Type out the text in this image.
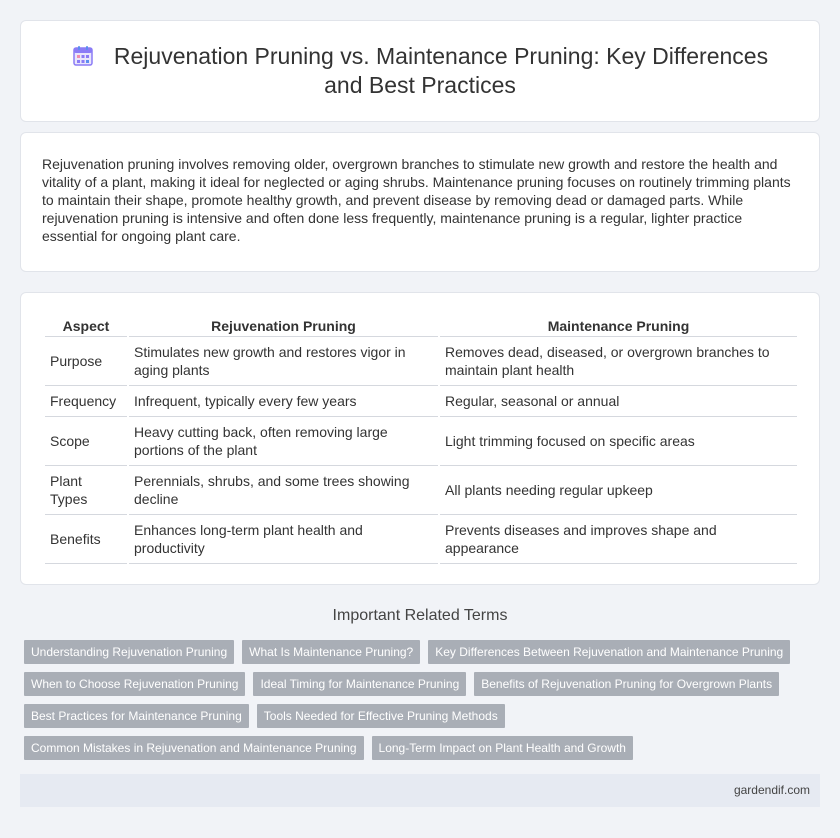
Rejuvenation Pruning vs. Maintenance Pruning: Key Differences and Best Practices

Rejuvenation pruning involves removing older, overgrown branches to stimulate new growth and restore the health and vitality of a plant, making it ideal for neglected or aging shrubs. Maintenance pruning focuses on routinely trimming plants to maintain their shape, promote healthy growth, and prevent disease by removing dead or damaged parts. While rejuvenation pruning is intensive and often done less frequently, maintenance pruning is a regular, lighter practice essential for ongoing plant care.

Aspect	Rejuvenation Pruning	Maintenance Pruning
Purpose	Stimulates new growth and restores vigor in aging plants	Removes dead, diseased, or overgrown branches to maintain plant health
Frequency	Infrequent, typically every few years	Regular, seasonal or annual
Scope	Heavy cutting back, often removing large portions of the plant	Light trimming focused on specific areas
Plant Types	Perennials, shrubs, and some trees showing decline	All plants needing regular upkeep
Benefits	Enhances long-term plant health and productivity	Prevents diseases and improves shape and appearance
Important Related Terms
Understanding Rejuvenation Pruning	What Is Maintenance Pruning?	Key Differences Between Rejuvenation and Maintenance Pruning
When to Choose Rejuvenation Pruning	Ideal Timing for Maintenance Pruning	Benefits of Rejuvenation Pruning for Overgrown Plants
Best Practices for Maintenance Pruning	Tools Needed for Effective Pruning Methods
Common Mistakes in Rejuvenation and Maintenance Pruning	Long-Term Impact on Plant Health and Growth
gardendif.com
